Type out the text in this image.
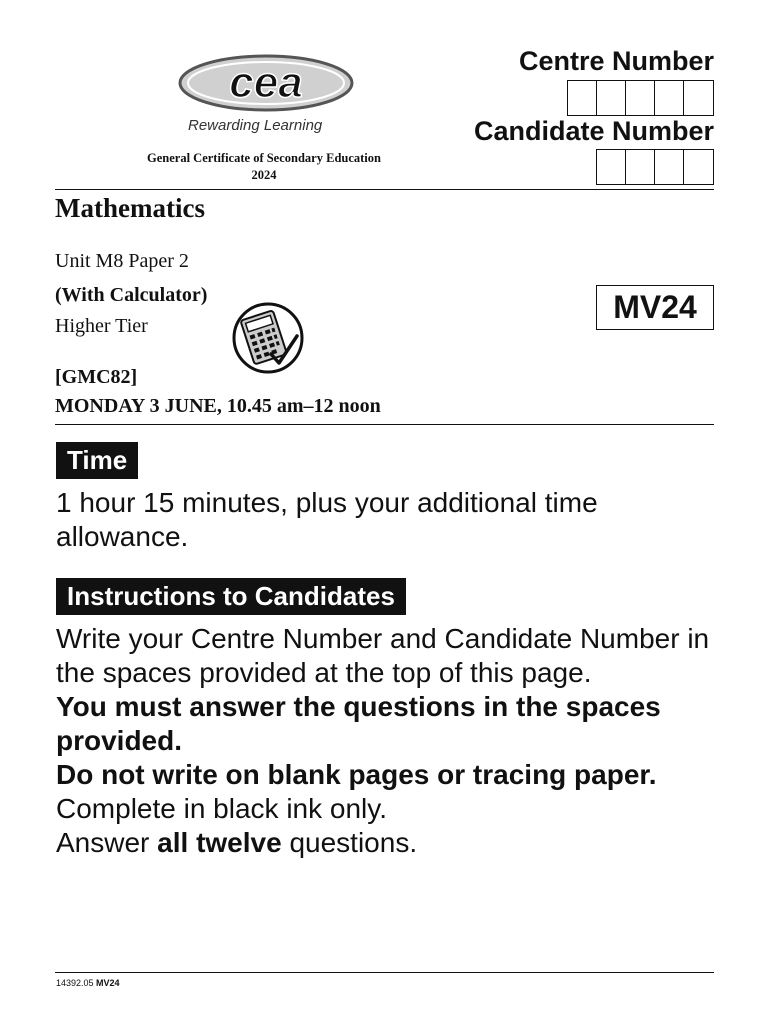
cea
Rewarding Learning
General Certificate of Secondary Education
2024
Centre Number
Candidate Number
Mathematics
Unit M8 Paper 2
(With Calculator)
Higher Tier
MV24
[GMC82]
MONDAY 3 JUNE, 10.45 am–12 noon
Time
1 hour 15 minutes, plus your additional time allowance.
Instructions to Candidates
Write your Centre Number and Candidate Number in the spaces provided at the top of this page.
You must answer the questions in the spaces provided.
Do not write on blank pages or tracing paper.
Complete in black ink only.
Answer all twelve questions.
14392.05 MV24
